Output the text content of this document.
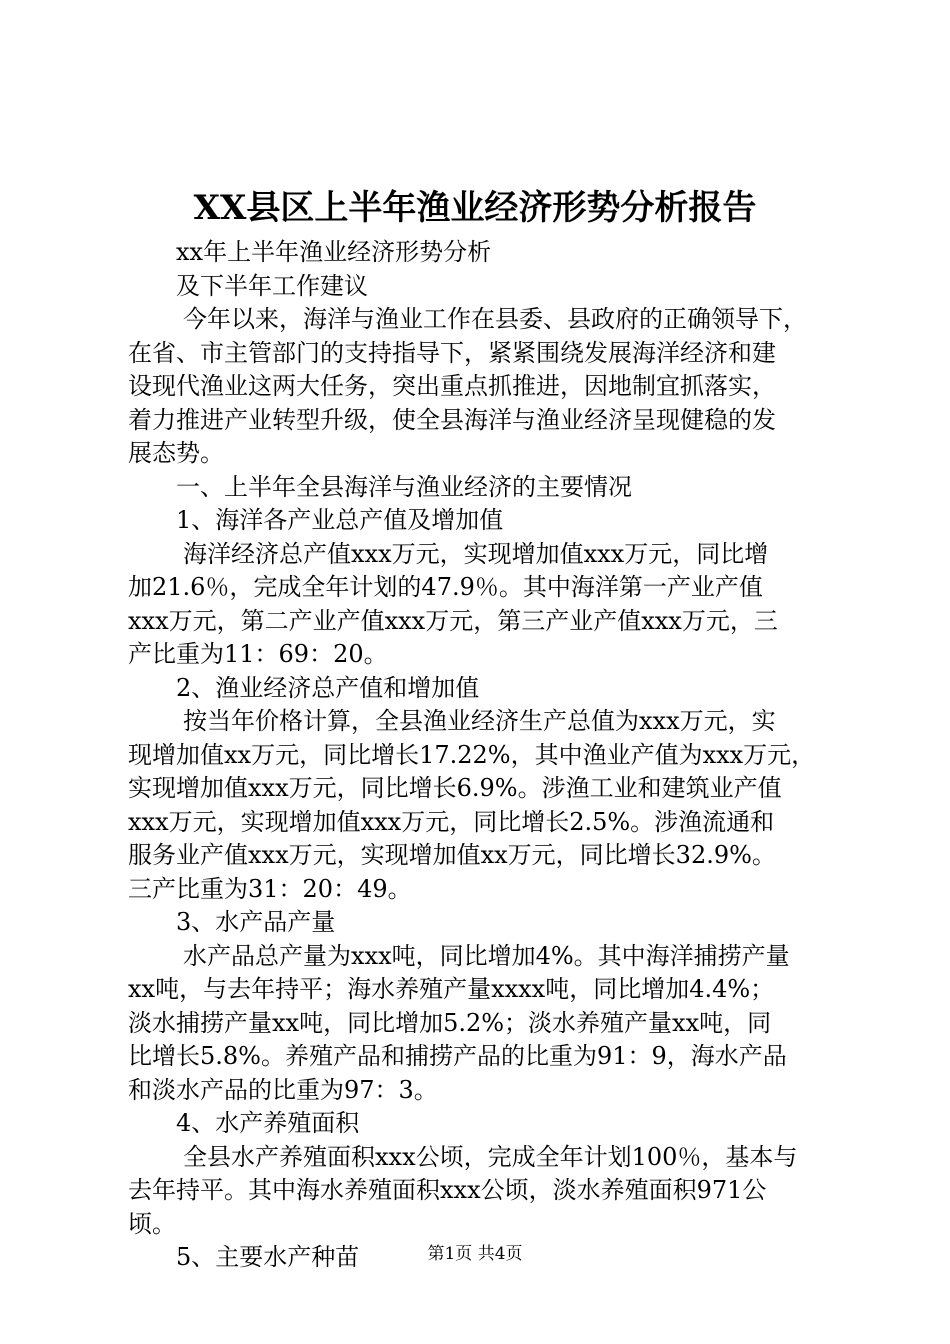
XX县区上半年渔业经济形势分析报告
xx年上半年渔业经济形势分析
及下半年工作建议
今年以来，海洋与渔业工作在县委、县政府的正确领导下，
在省、市主管部门的支持指导下，紧紧围绕发展海洋经济和建
设现代渔业这两大任务，突出重点抓推进，因地制宜抓落实，
着力推进产业转型升级，使全县海洋与渔业经济呈现健稳的发
展态势。
一、上半年全县海洋与渔业经济的主要情况
1、海洋各产业总产值及增加值
海洋经济总产值xxx万元，实现增加值xxx万元，同比增
加21.6％，完成全年计划的47.9％。其中海洋第一产业产值
xxx万元，第二产业产值xxx万元，第三产业产值xxx万元，三
产比重为11：69：20。
2、渔业经济总产值和增加值
按当年价格计算，全县渔业经济生产总值为xxx万元，实
现增加值xx万元，同比增长17.22%，其中渔业产值为xxx万元，
实现增加值xxx万元，同比增长6.9%。涉渔工业和建筑业产值
xxx万元，实现增加值xxx万元，同比增长2.5%。涉渔流通和
服务业产值xxx万元，实现增加值xx万元，同比增长32.9%。
三产比重为31：20：49。
3、水产品产量
水产品总产量为xxx吨，同比增加4%。其中海洋捕捞产量
xx吨，与去年持平；海水养殖产量xxxx吨，同比增加4.4%；
淡水捕捞产量xx吨，同比增加5.2%；淡水养殖产量xx吨，同
比增长5.8%。养殖产品和捕捞产品的比重为91：9，海水产品
和淡水产品的比重为97：3。
4、水产养殖面积
全县水产养殖面积xxx公顷，完成全年计划100％，基本与
去年持平。其中海水养殖面积xxx公顷，淡水养殖面积971公
顷。
5、主要水产种苗	第1页 共4页
